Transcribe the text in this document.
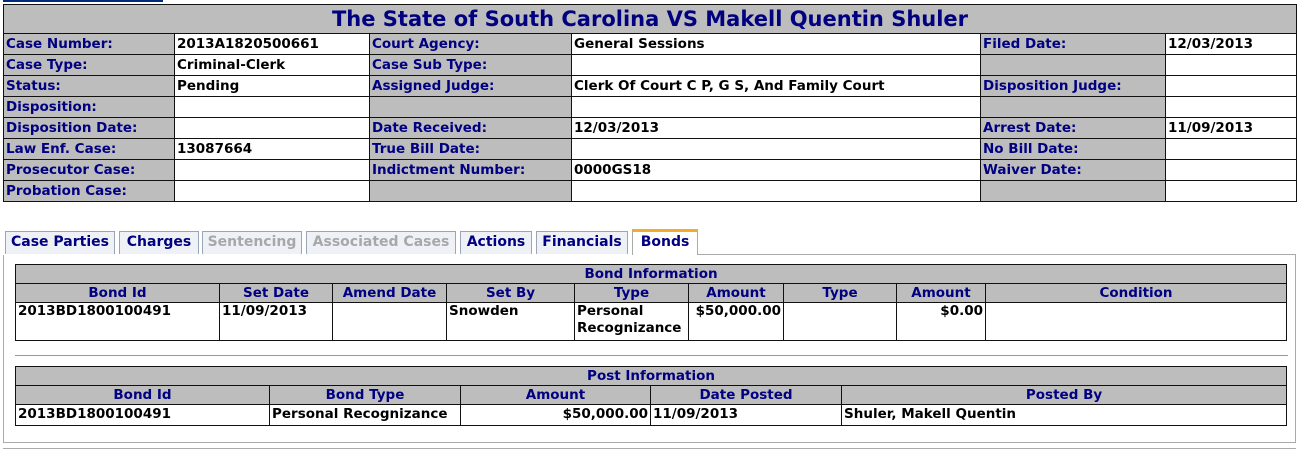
The State of South Carolina VS Makell Quentin Shuler					
Case Number:	2013A1820500661	Court Agency:	General Sessions	Filed Date:	12/03/2013
Case Type:	Criminal-Clerk	Case Sub Type:			
Status:	Pending	Assigned Judge:	Clerk Of Court C P, G S, And Family Court	Disposition Judge:	
Disposition:					
Disposition Date:		Date Received:	12/03/2013	Arrest Date:	11/09/2013
Law Enf. Case:	13087664	True Bill Date:		No Bill Date:	
Prosecutor Case:		Indictment Number:	0000GS18	Waiver Date:	
Probation Case:					
Case Parties	Charges	Sentencing	Associated Cases	Actions	Financials	Bonds
Bond Information								
Bond Id	Set Date	Amend Date	Set By	Type	Amount	Type	Amount	Condition
2013BD1800100491	11/09/2013		Snowden	Personal Recognizance	$50,000.00		$0.00	
Post Information				
Bond Id	Bond Type	Amount	Date Posted	Posted By
2013BD1800100491	Personal Recognizance	$50,000.00	11/09/2013	Shuler, Makell Quentin
